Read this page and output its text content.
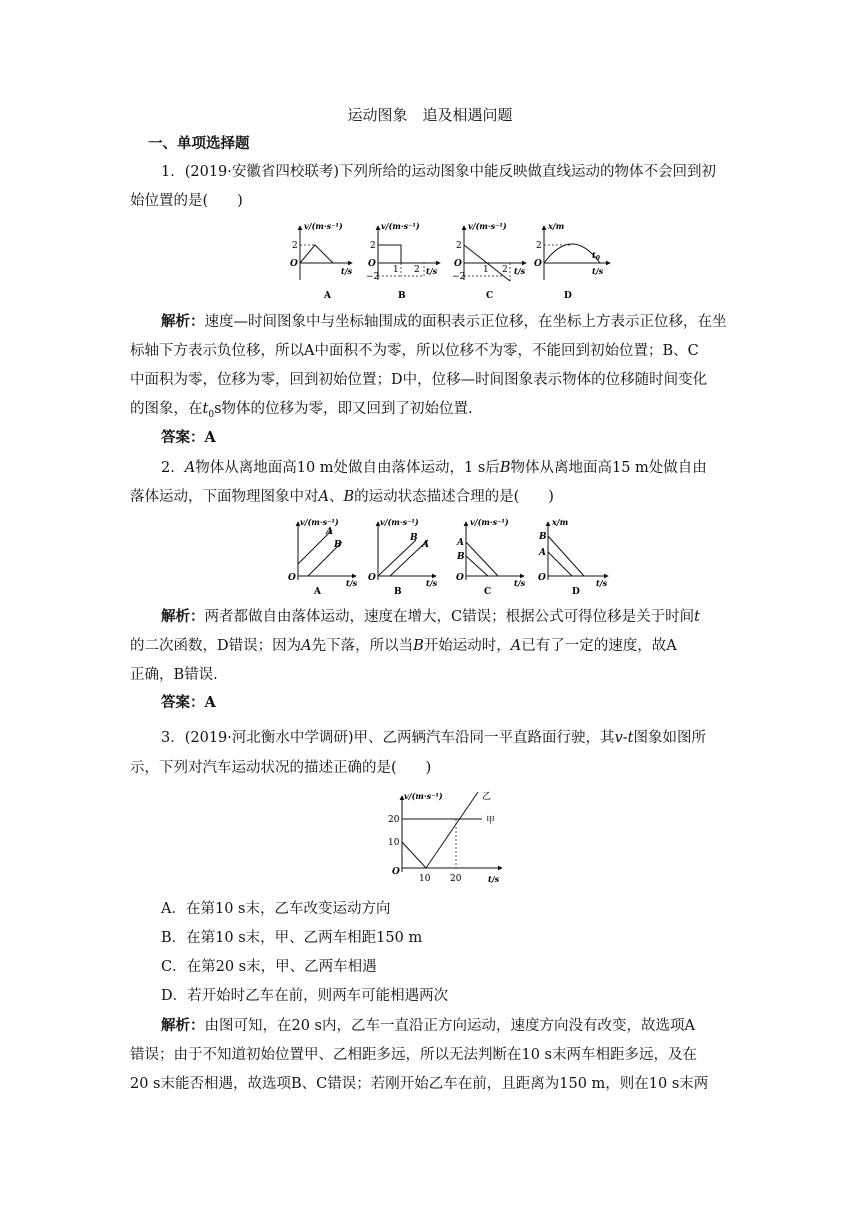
运动图象　追及相遇问题
一、单项选择题
1．(2019·安徽省四校联考)下列所给的运动图象中能反映做直线运动的物体不会回到初
始位置的是(　　)
v/(m·s⁻¹)
2
O
t/s
A
v/(m·s⁻¹)
2
O
−2
1 2 t/s
B
v/(m·s⁻¹)
2
O
−2
1 2 t/s
C
x/m
2
O
$t_0$
t/s
D
解析：速度—时间图象中与坐标轴围成的面积表示正位移，在坐标上方表示正位移，在坐
标轴下方表示负位移，所以A中面积不为零，所以位移不为零，不能回到初始位置；B、C
中面积为零，位移为零，回到初始位置；D中，位移—时间图象表示物体的位移随时间变化
的图象，在$t_0s$物体的位移为零，即又回到了初始位置.
答案：A
2．A物体从离地面高10 m处做自由落体运动，1 s后B物体从离地面高15 m处做自由
落体运动，下面物理图象中对A、B的运动状态描述合理的是(　　)
v/(m·s⁻¹)
A
B
O	t/s
A
v/(m·s⁻¹)
B
A
O	t/s
B
v/(m·s⁻¹)
A
B
O	t/s
C
x/m
B
A
O	t/s
D
解析：两者都做自由落体运动，速度在增大，C错误；根据公式可得位移是关于时间t
的二次函数，D错误；因为A先下落，所以当B开始运动时，A已有了一定的速度，故A
正确，B错误.
答案：A
3．(2019·河北衡水中学调研)甲、乙两辆汽车沿同一平直路面行驶，其v-t图象如图所
示，下列对汽车运动状况的描述正确的是(　　)
v/(m·s⁻¹)
20
10
O
10 20	t/s
甲
乙
A．在第10 s末，乙车改变运动方向
B．在第10 s末，甲、乙两车相距150 m
C．在第20 s末，甲、乙两车相遇
D．若开始时乙车在前，则两车可能相遇两次
解析：由图可知，在20 s内，乙车一直沿正方向运动，速度方向没有改变，故选项A
错误；由于不知道初始位置甲、乙相距多远，所以无法判断在10 s末两车相距多远，及在
20 s末能否相遇，故选项B、C错误；若刚开始乙车在前，且距离为150 m，则在10 s末两
